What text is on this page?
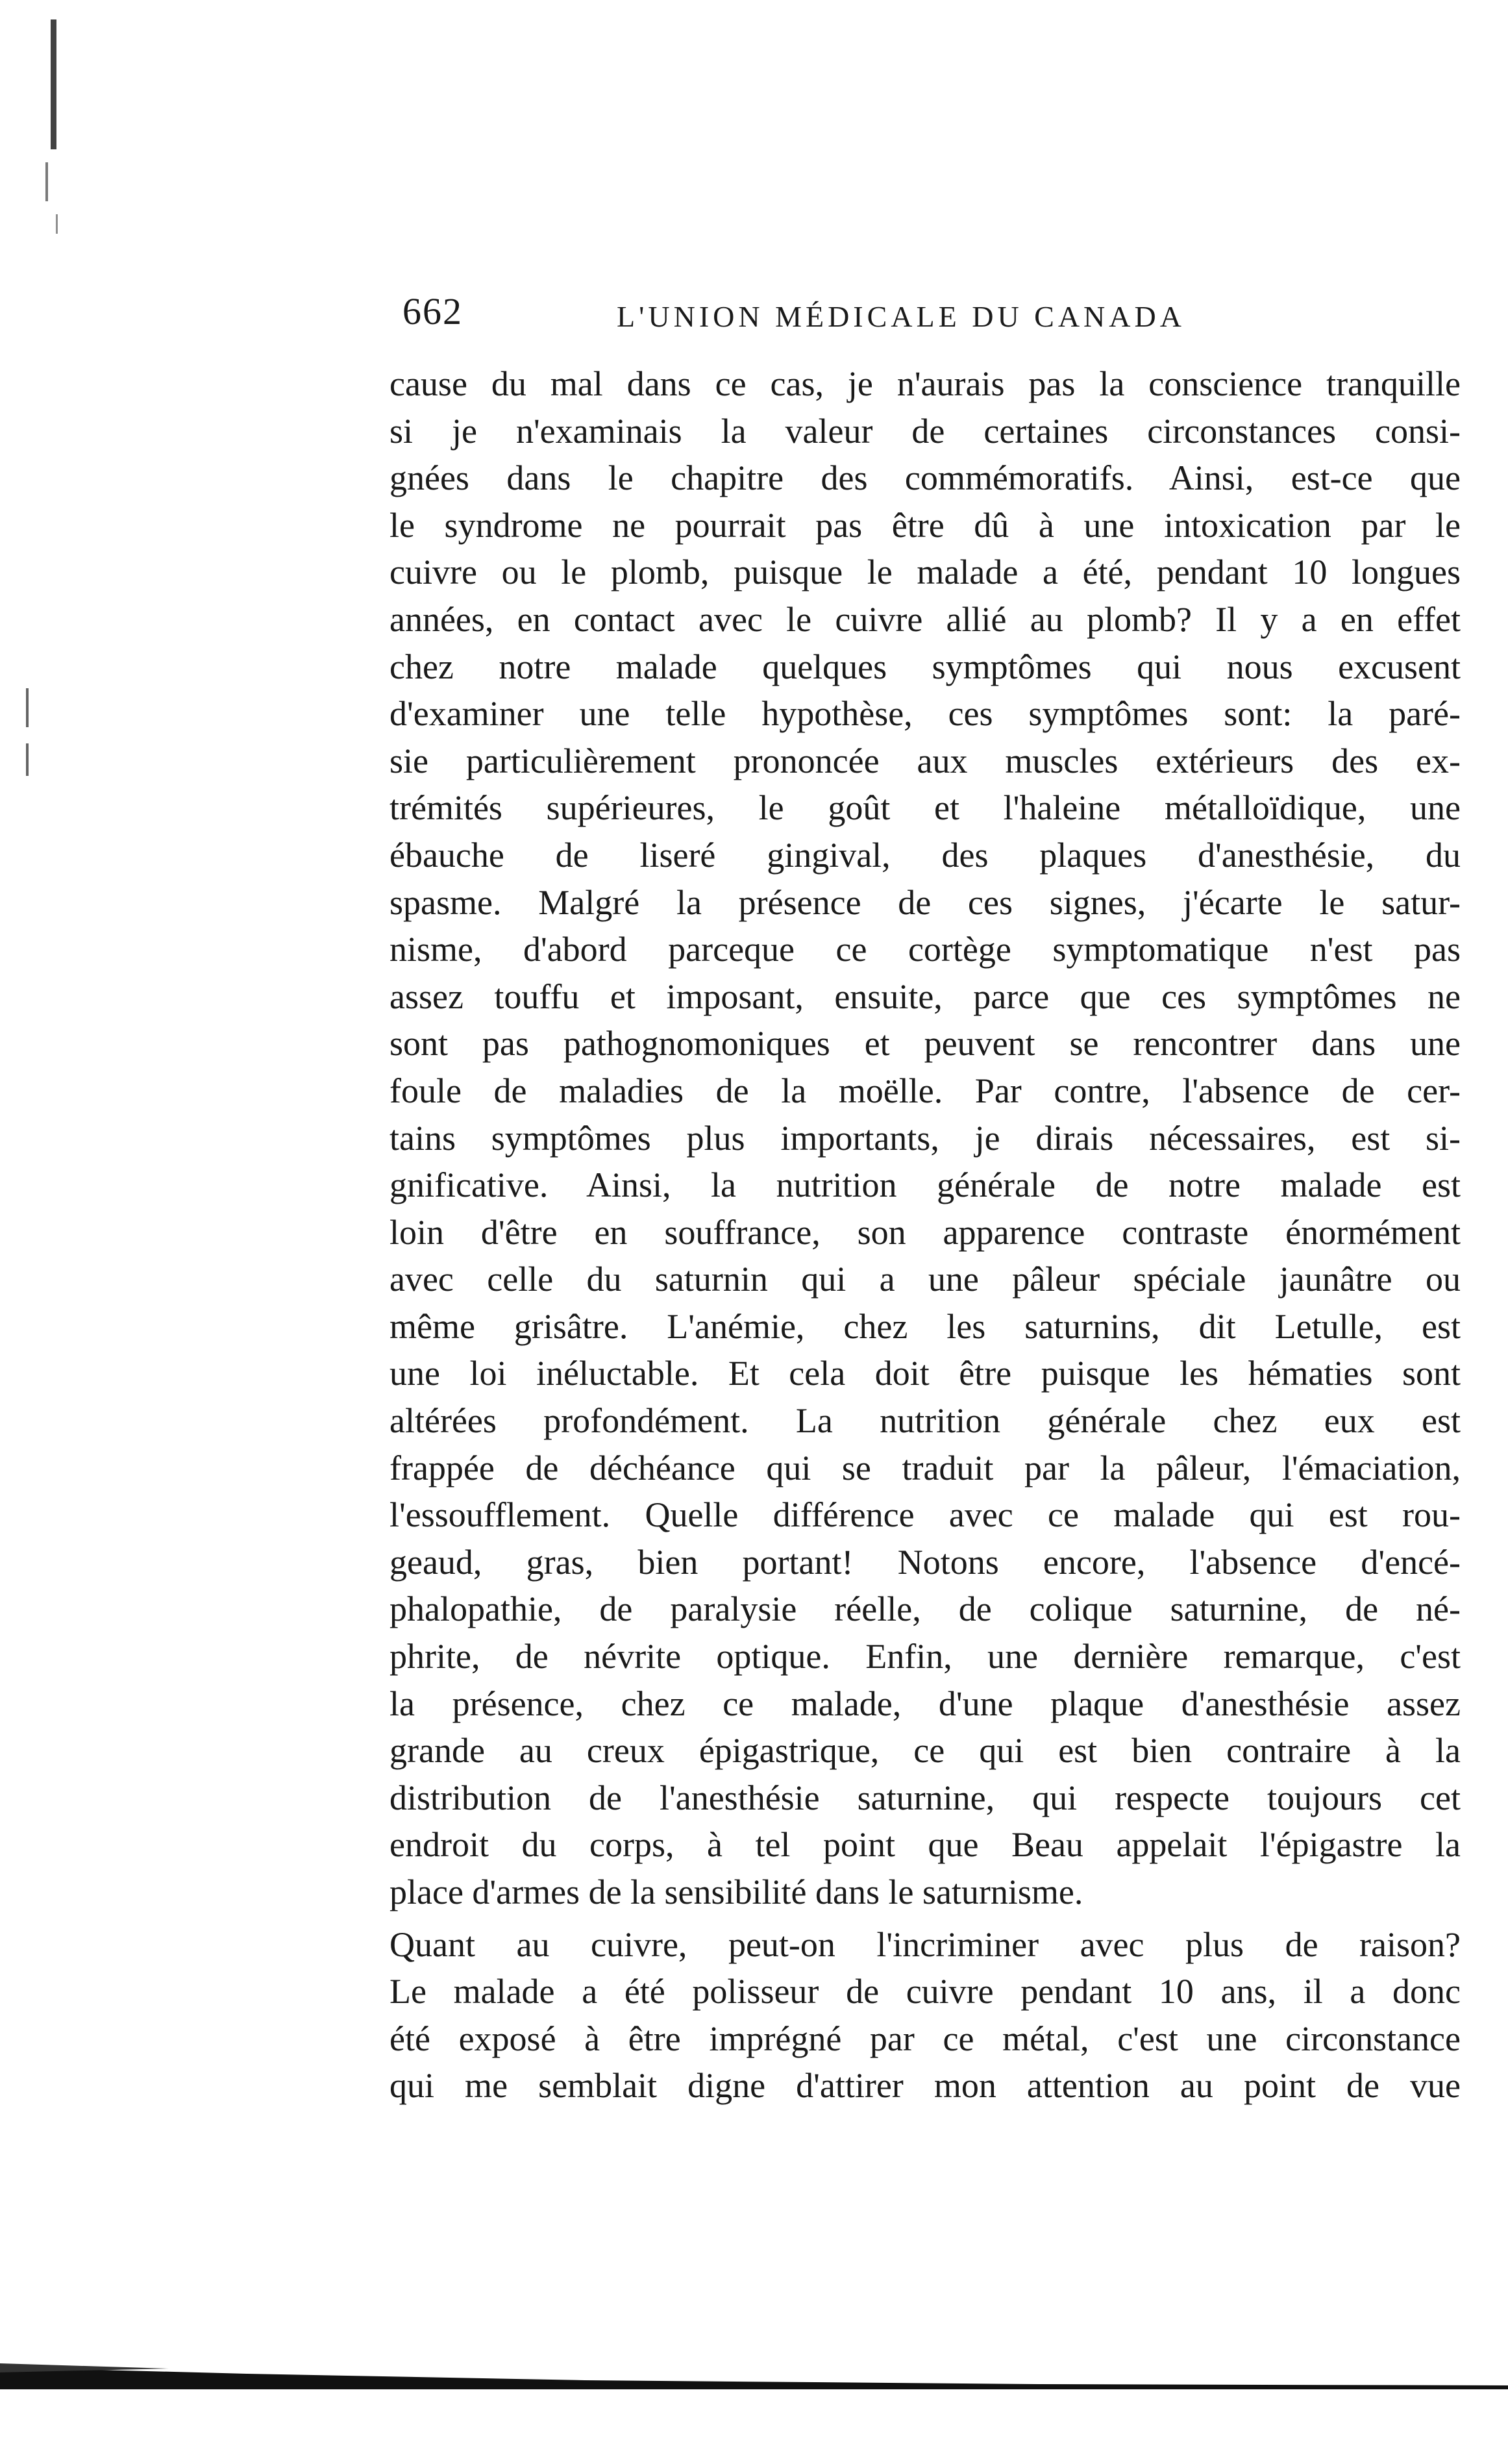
662	L'UNION MÉDICALE DU CANADA
cause du mal dans ce cas, je n'aurais pas la conscience tranquille
si je n'examinais la valeur de certaines circonstances consi-
gnées dans le chapitre des commémoratifs. Ainsi, est-ce que
le syndrome ne pourrait pas être dû à une intoxication par le
cuivre ou le plomb, puisque le malade a été, pendant 10 longues
années, en contact avec le cuivre allié au plomb? Il y a en effet
chez notre malade quelques symptômes qui nous excusent
d'examiner une telle hypothèse, ces symptômes sont: la paré-
sie particulièrement prononcée aux muscles extérieurs des ex-
trémités supérieures, le goût et l'haleine métalloïdique, une
ébauche de liseré gingival, des plaques d'anesthésie, du
spasme. Malgré la présence de ces signes, j'écarte le satur-
nisme, d'abord parceque ce cortège symptomatique n'est pas
assez touffu et imposant, ensuite, parce que ces symptômes ne
sont pas pathognomoniques et peuvent se rencontrer dans une
foule de maladies de la moëlle. Par contre, l'absence de cer-
tains symptômes plus importants, je dirais nécessaires, est si-
gnificative. Ainsi, la nutrition générale de notre malade est
loin d'être en souffrance, son apparence contraste énormément
avec celle du saturnin qui a une pâleur spéciale jaunâtre ou
même grisâtre. L'anémie, chez les saturnins, dit Letulle, est
une loi inéluctable. Et cela doit être puisque les hématies sont
altérées profondément. La nutrition générale chez eux est
frappée de déchéance qui se traduit par la pâleur, l'émaciation,
l'essoufflement. Quelle différence avec ce malade qui est rou-
geaud, gras, bien portant! Notons encore, l'absence d'encé-
phalopathie, de paralysie réelle, de colique saturnine, de né-
phrite, de névrite optique. Enfin, une dernière remarque, c'est
la présence, chez ce malade, d'une plaque d'anesthésie assez
grande au creux épigastrique, ce qui est bien contraire à la
distribution de l'anesthésie saturnine, qui respecte toujours cet
endroit du corps, à tel point que Beau appelait l'épigastre la
place d'armes de la sensibilité dans le saturnisme.
Quant au cuivre, peut-on l'incriminer avec plus de raison?
Le malade a été polisseur de cuivre pendant 10 ans, il a donc
été exposé à être imprégné par ce métal, c'est une circonstance
qui me semblait digne d'attirer mon attention au point de vue
